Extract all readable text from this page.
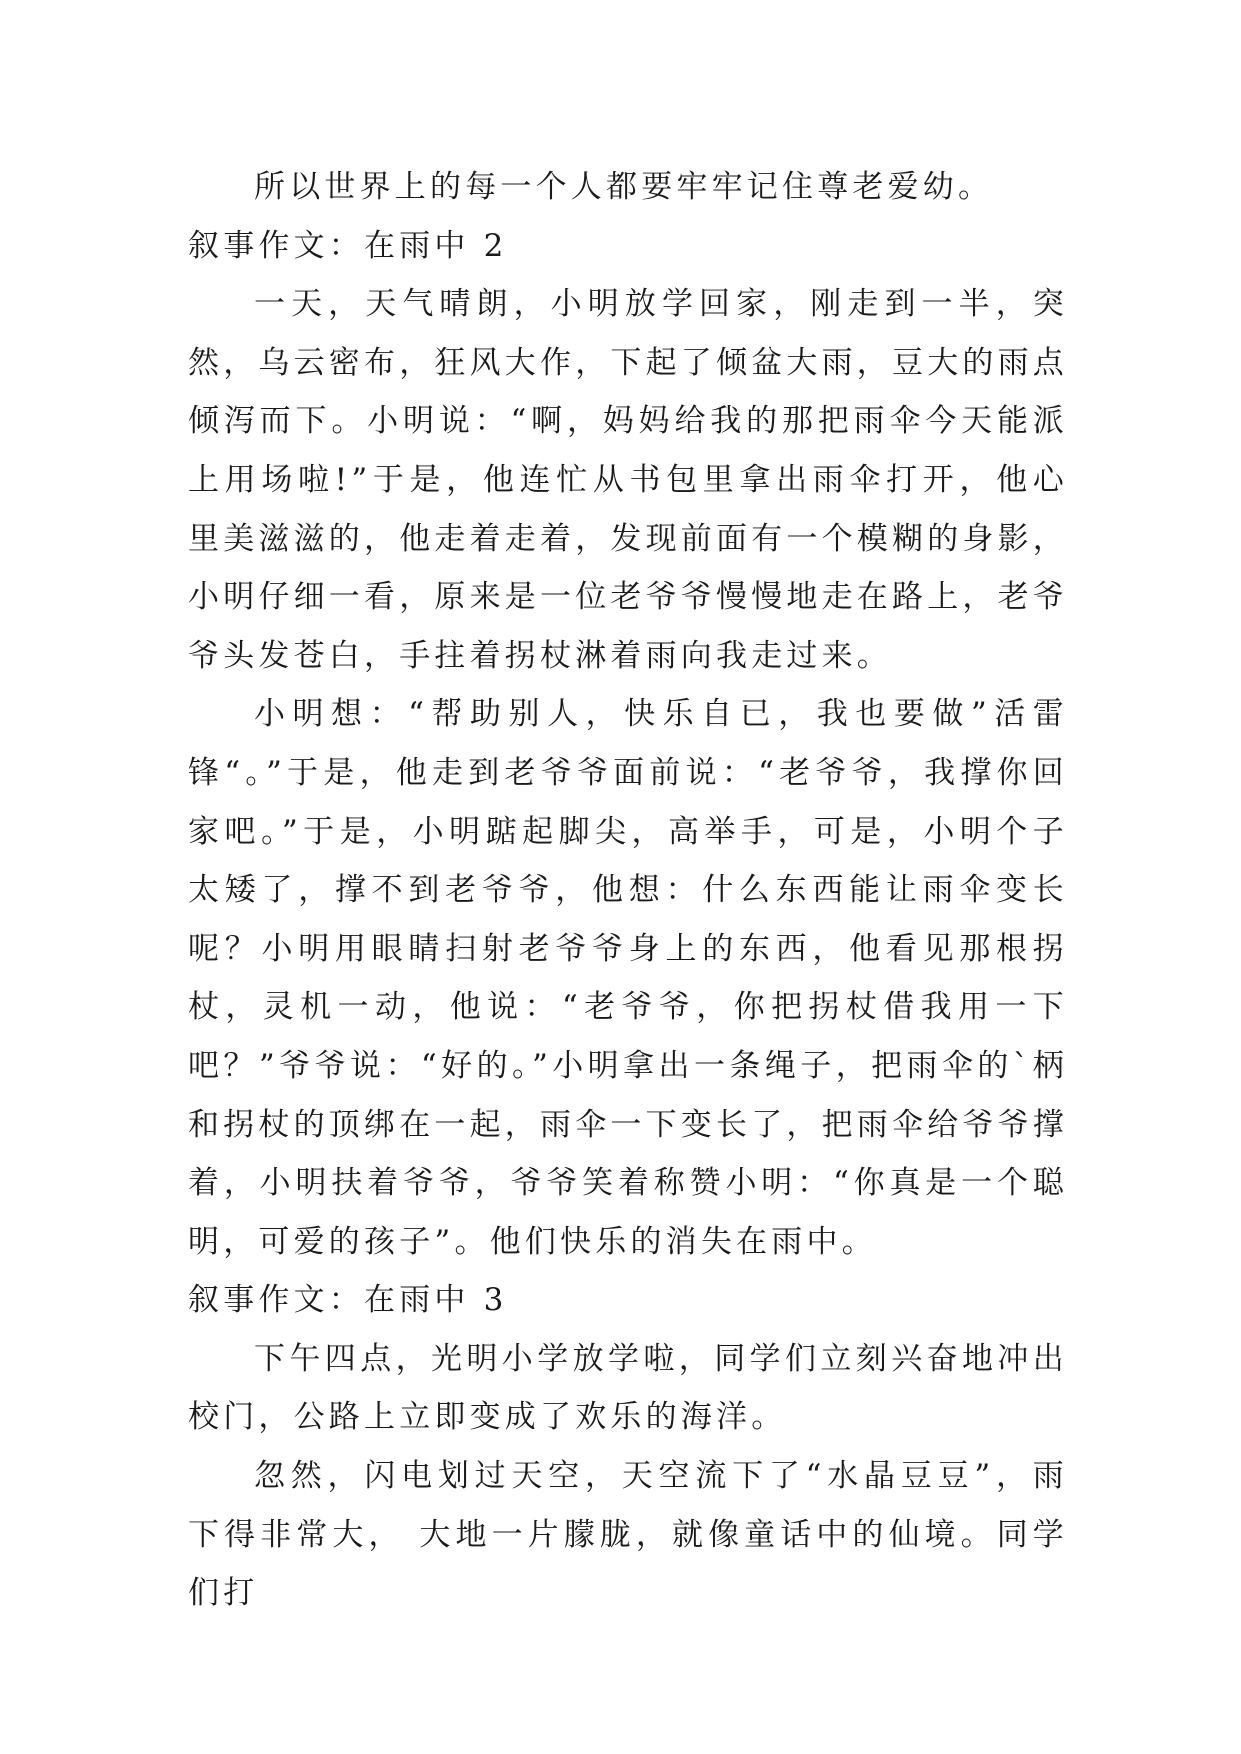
所以世界上的每一个人都要牢牢记住尊老爱幼。

叙事作文：在雨中 2

一天，天气晴朗，小明放学回家，刚走到一半，突然，乌云密布，狂风大作，下起了倾盆大雨，豆大的雨点倾泻而下。小明说：“啊，妈妈给我的那把雨伞今天能派上用场啦!”于是，他连忙从书包里拿出雨伞打开，他心里美滋滋的，他走着走着，发现前面有一个模糊的身影，小明仔细一看，原来是一位老爷爷慢慢地走在路上，老爷爷头发苍白，手拄着拐杖淋着雨向我走过来。

小明想：“帮助别人，快乐自已，我也要做”活雷锋“。”于是，他走到老爷爷面前说：“老爷爷，我撑你回家吧。”于是，小明踮起脚尖，高举手，可是，小明个子太矮了，撑不到老爷爷，他想：什么东西能让雨伞变长呢？小明用眼睛扫射老爷爷身上的东西，他看见那根拐杖，灵机一动，他说：“老爷爷，你把拐杖借我用一下吧？”爷爷说：“好的。”小明拿出一条绳子，把雨伞的`柄和拐杖的顶绑在一起，雨伞一下变长了，把雨伞给爷爷撑着，小明扶着爷爷，爷爷笑着称赞小明：“你真是一个聪明，可爱的孩子”。他们快乐的消失在雨中。

叙事作文：在雨中 3

下午四点，光明小学放学啦，同学们立刻兴奋地冲出校门，公路上立即变成了欢乐的海洋。

忽然，闪电划过天空，天空流下了“水晶豆豆”，雨下得非常大， 大地一片朦胧，就像童话中的仙境。同学们打
